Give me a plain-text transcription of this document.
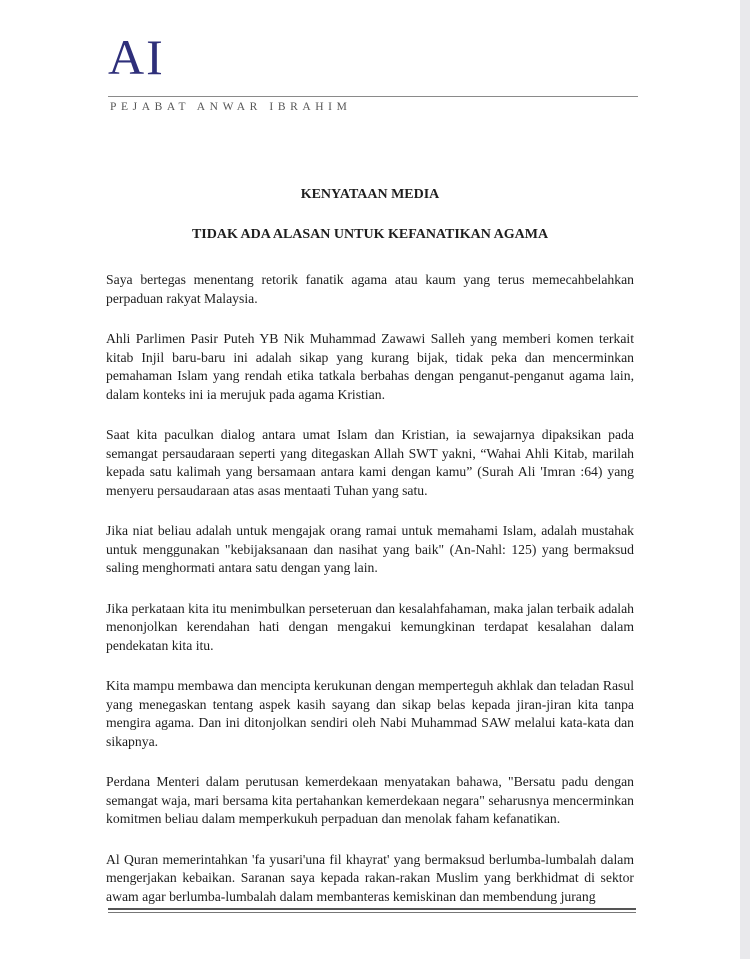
AI
PEJABAT ANWAR IBRAHIM
KENYATAAN MEDIA
TIDAK ADA ALASAN UNTUK KEFANATIKAN AGAMA

Saya bertegas menentang retorik fanatik agama atau kaum yang terus memecahbelahkan perpaduan rakyat Malaysia.

Ahli Parlimen Pasir Puteh YB Nik Muhammad Zawawi Salleh yang memberi komen terkait kitab Injil baru-baru ini adalah sikap yang kurang bijak, tidak peka dan mencerminkan pemahaman Islam yang rendah etika tatkala berbahas dengan penganut-penganut agama lain, dalam konteks ini ia merujuk pada agama Kristian.

Saat kita paculkan dialog antara umat Islam dan Kristian, ia sewajarnya dipaksikan pada semangat persaudaraan seperti yang ditegaskan Allah SWT yakni, “Wahai Ahli Kitab, marilah kepada satu kalimah yang bersamaan antara kami dengan kamu” (Surah Ali 'Imran :64) yang menyeru persaudaraan atas asas mentaati Tuhan yang satu.

Jika niat beliau adalah untuk mengajak orang ramai untuk memahami Islam, adalah mustahak untuk menggunakan "kebijaksanaan dan nasihat yang baik" (An-Nahl: 125) yang bermaksud saling menghormati antara satu dengan yang lain.

Jika perkataan kita itu menimbulkan perseteruan dan kesalahfahaman, maka jalan terbaik adalah menonjolkan kerendahan hati dengan mengakui kemungkinan terdapat kesalahan dalam pendekatan kita itu.

Kita mampu membawa dan mencipta kerukunan dengan memperteguh akhlak dan teladan Rasul yang menegaskan tentang aspek kasih sayang dan sikap belas kepada jiran-jiran kita tanpa mengira agama. Dan ini ditonjolkan sendiri oleh Nabi Muhammad SAW melalui kata-kata dan sikapnya.

Perdana Menteri dalam perutusan kemerdekaan menyatakan bahawa, "Bersatu padu dengan semangat waja, mari bersama kita pertahankan kemerdekaan negara" seharusnya mencerminkan komitmen beliau dalam memperkukuh perpaduan dan menolak faham kefanatikan.

Al Quran memerintahkan 'fa yusari'una fil khayrat' yang bermaksud berlumba-lumbalah dalam mengerjakan kebaikan. Saranan saya kepada rakan-rakan Muslim yang berkhidmat di sektor awam agar berlumba-lumbalah dalam membanteras kemiskinan dan membendung jurang
